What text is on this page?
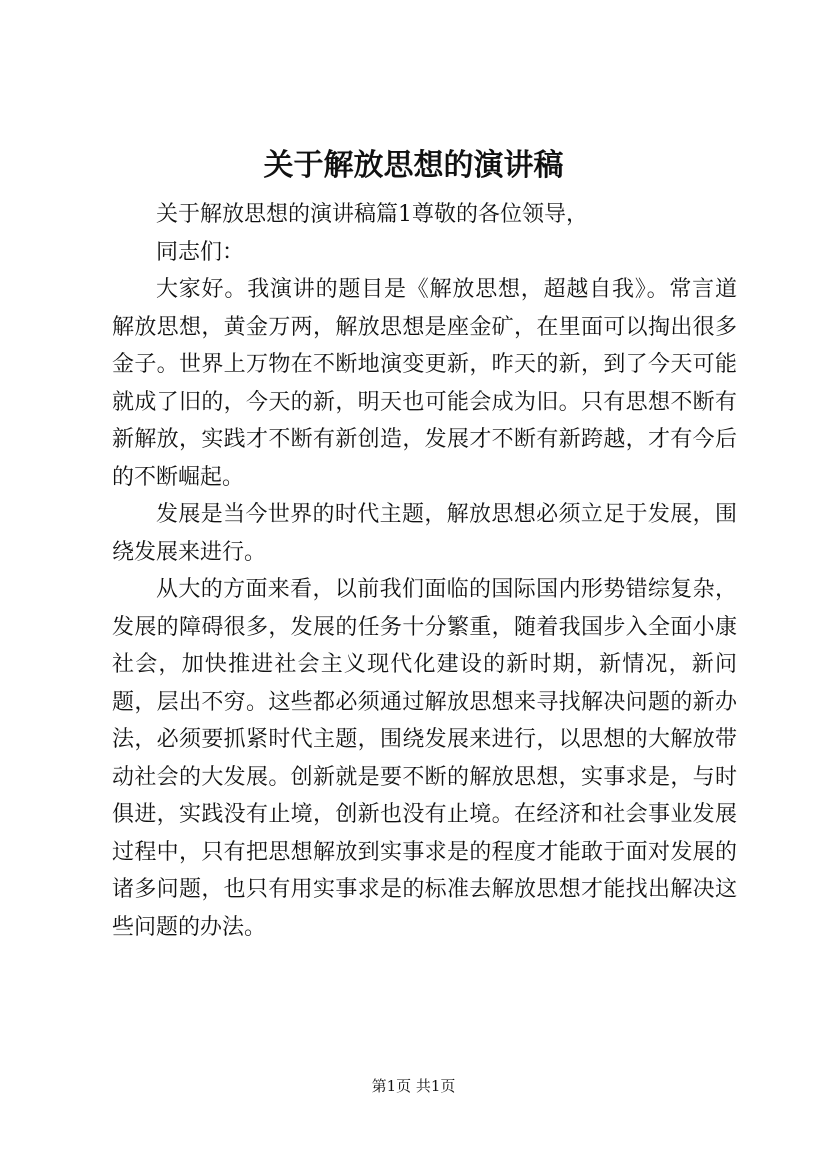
关于解放思想的演讲稿

关于解放思想的演讲稿篇1尊敬的各位领导，

同志们：

大家好。我演讲的题目是《解放思想，超越自我》。常言道解放思想，黄金万两，解放思想是座金矿，在里面可以掏出很多金子。世界上万物在不断地演变更新，昨天的新，到了今天可能就成了旧的，今天的新，明天也可能会成为旧。只有思想不断有新解放，实践才不断有新创造，发展才不断有新跨越，才有今后的不断崛起。

发展是当今世界的时代主题，解放思想必须立足于发展，围绕发展来进行。

从大的方面来看，以前我们面临的国际国内形势错综复杂，发展的障碍很多，发展的任务十分繁重，随着我国步入全面小康社会，加快推进社会主义现代化建设的新时期，新情况，新问题，层出不穷。这些都必须通过解放思想来寻找解决问题的新办法，必须要抓紧时代主题，围绕发展来进行，以思想的大解放带动社会的大发展。创新就是要不断的解放思想，实事求是，与时俱进，实践没有止境，创新也没有止境。在经济和社会事业发展过程中，只有把思想解放到实事求是的程度才能敢于面对发展的诸多问题，也只有用实事求是的标准去解放思想才能找出解决这些问题的办法。

第1页 共1页
